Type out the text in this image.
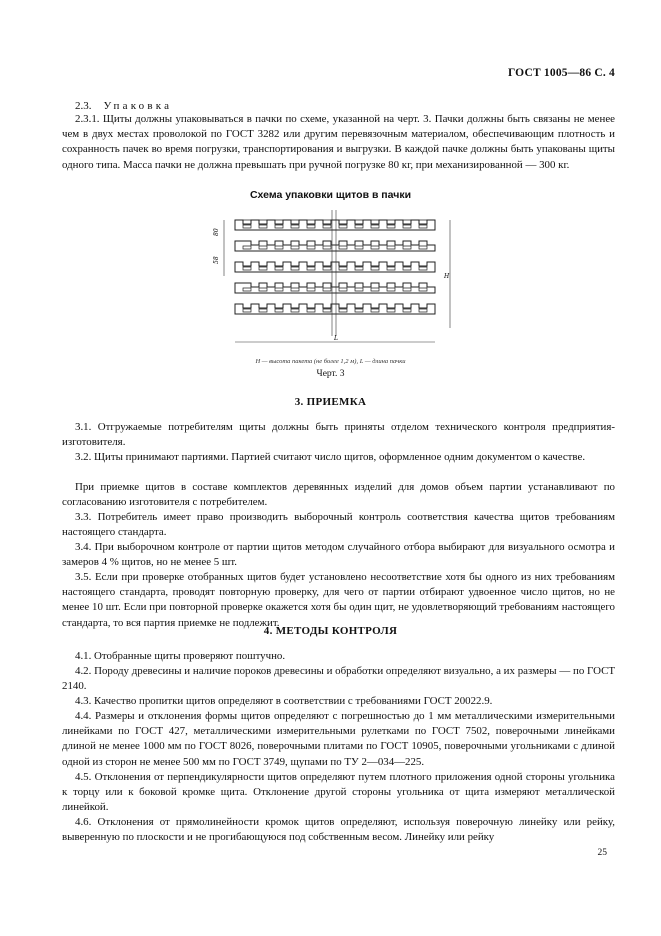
ГОСТ 1005—86 С. 4
2.3. Упаковка

2.3.1. Щиты должны упаковываться в пачки по схеме, указанной на черт. 3. Пачки должны быть связаны не менее чем в двух местах проволокой по ГОСТ 3282 или другим перевязочным материалом, обеспечивающим плотность и сохранность пачек во время погрузки, транспортирования и выгрузки. В каждой пачке должны быть упакованы щиты одного типа. Масса пачки не должна превышать при ручной погрузке 80 кг, при механизированной — 300 кг.

Схема упаковки щитов в пачки
80
58
H
L
H — высота пакета (не более 1,2 м), L — длина пачки
Черт. 3
3. ПРИЕМКА

3.1. Отгружаемые потребителям щиты должны быть приняты отделом технического контроля предприятия-изготовителя.

3.2. Щиты принимают партиями. Партией считают число щитов, оформленное одним документом о качестве.

При приемке щитов в составе комплектов деревянных изделий для домов объем партии устанавливают по согласованию изготовителя с потребителем.

3.3. Потребитель имеет право производить выборочный контроль соответствия качества щитов требованиям настоящего стандарта.

3.4. При выборочном контроле от партии щитов методом случайного отбора выбирают для визуального осмотра и замеров 4 % щитов, но не менее 5 шт.

3.5. Если при проверке отобранных щитов будет установлено несоответствие хотя бы одного из них требованиям настоящего стандарта, проводят повторную проверку, для чего от партии отбирают удвоенное число щитов, но не менее 10 шт. Если при повторной проверке окажется хотя бы один щит, не удовлетворяющий требованиям настоящего стандарта, то вся партия приемке не подлежит.

4. МЕТОДЫ КОНТРОЛЯ

4.1. Отобранные щиты проверяют поштучно.

4.2. Породу древесины и наличие пороков древесины и обработки определяют визуально, а их размеры — по ГОСТ 2140.

4.3. Качество пропитки щитов определяют в соответствии с требованиями ГОСТ 20022.9.

4.4. Размеры и отклонения формы щитов определяют с погрешностью до 1 мм металлическими измерительными линейками по ГОСТ 427, металлическими измерительными рулетками по ГОСТ 7502, поверочными линейками длиной не менее 1000 мм по ГОСТ 8026, поверочными плитами по ГОСТ 10905, поверочными угольниками с длиной одной из сторон не менее 500 мм по ГОСТ 3749, щупами по ТУ 2—034—225.

4.5. Отклонения от перпендикулярности щитов определяют путем плотного приложения одной стороны угольника к торцу или к боковой кромке щита. Отклонение другой стороны угольника от щита измеряют металлической линейкой.

4.6. Отклонения от прямолинейности кромок щитов определяют, используя поверочную линейку или рейку, выверенную по плоскости и не прогибающуюся под собственным весом. Линейку или рейку

25
